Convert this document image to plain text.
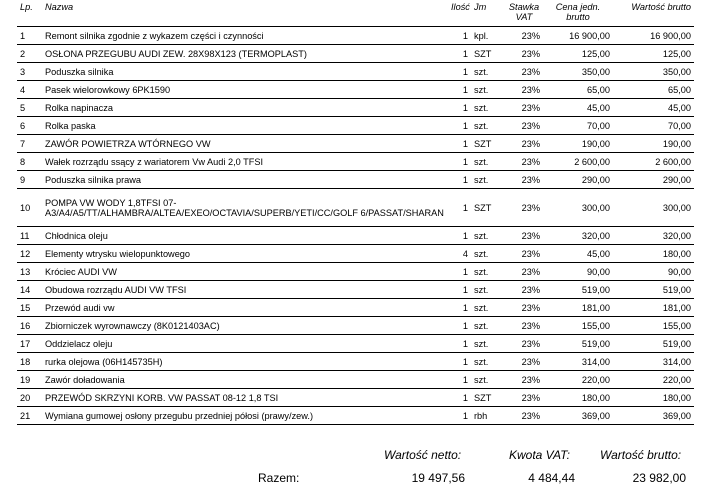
Lp.	Nazwa	Ilość	Jm	Stawka VAT	Cena jedn. brutto	Wartość brutto
1	Remont silnika zgodnie z wykazem części i czynności	1	kpl.	23%	16 900,00	16 900,00
2	OSŁONA PRZEGUBU AUDI ZEW. 28X98X123 (TERMOPLAST)	1	SZT	23%	125,00	125,00
3	Poduszka silnika	1	szt.	23%	350,00	350,00
4	Pasek wielorowkowy 6PK1590	1	szt.	23%	65,00	65,00
5	Rolka napinacza	1	szt.	23%	45,00	45,00
6	Rolka paska	1	szt.	23%	70,00	70,00
7	ZAWÓR POWIETRZA WTÓRNEGO VW	1	SZT	23%	190,00	190,00
8	Wałek rozrządu ssący z wariatorem Vw Audi 2,0 TFSI	1	szt.	23%	2 600,00	2 600,00
9	Poduszka silnika prawa	1	szt.	23%	290,00	290,00
10	POMPA VW WODY 1,8TFSI 07- A3/A4/A5/TT/ALHAMBRA/ALTEA/EXEO/OCTAVIA/SUPERB/YETI/CC/GOLF 6/PASSAT/SHARAN	1	SZT	23%	300,00	300,00
11	Chłodnica oleju	1	szt.	23%	320,00	320,00
12	Elementy wtrysku wielopunktowego	4	szt.	23%	45,00	180,00
13	Króciec AUDI VW	1	szt.	23%	90,00	90,00
14	Obudowa rozrządu AUDI VW TFSI	1	szt.	23%	519,00	519,00
15	Przewód audi vw	1	szt.	23%	181,00	181,00
16	Zbiorniczek wyrownawczy (8K0121403AC)	1	szt.	23%	155,00	155,00
17	Oddzielacz oleju	1	szt.	23%	519,00	519,00
18	rurka olejowa (06H145735H)	1	szt.	23%	314,00	314,00
19	Zawór doładowania	1	szt.	23%	220,00	220,00
20	PRZEWÓD SKRZYNI KORB. VW PASSAT 08-12 1,8 TSI	1	SZT	23%	180,00	180,00
21	Wymiana gumowej osłony przegubu przedniej półosi (prawy/zew.)	1	rbh	23%	369,00	369,00
Wartość netto:	Kwota VAT:	Wartość brutto:
Razem:	19 497,56	4 484,44	23 982,00
